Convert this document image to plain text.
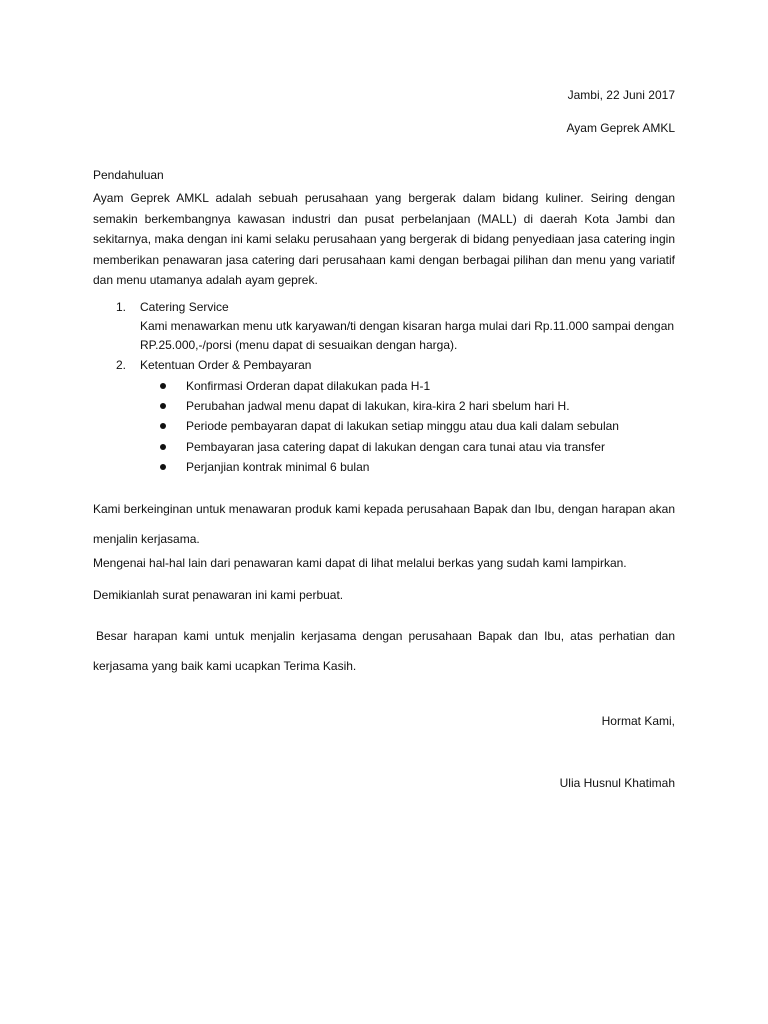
Jambi, 22 Juni 2017
Ayam Geprek AMKL
Pendahuluan
Ayam Geprek AMKL adalah sebuah perusahaan yang bergerak dalam bidang kuliner. Seiring dengan semakin berkembangnya kawasan industri dan pusat perbelanjaan (MALL) di daerah Kota Jambi dan sekitarnya, maka dengan ini kami selaku perusahaan yang bergerak di bidang penyediaan jasa catering ingin memberikan penawaran jasa catering dari perusahaan kami dengan berbagai pilihan dan menu yang variatif dan menu utamanya adalah ayam geprek.
1. Catering Service
Kami menawarkan menu utk karyawan/ti dengan kisaran harga mulai dari Rp.11.000 sampai dengan RP.25.000,-/porsi (menu dapat di sesuaikan dengan harga).
2. Ketentuan Order & Pembayaran
Konfirmasi Orderan dapat dilakukan pada H-1
Perubahan jadwal menu dapat di lakukan, kira-kira 2 hari sbelum hari H.
Periode pembayaran dapat di lakukan setiap minggu atau dua kali dalam sebulan
Pembayaran jasa catering dapat di lakukan dengan cara tunai atau via transfer
Perjanjian kontrak minimal 6 bulan
Kami berkeinginan untuk menawaran produk kami kepada perusahaan Bapak dan Ibu, dengan harapan akan menjalin kerjasama.
Mengenai hal-hal lain dari penawaran kami dapat di lihat melalui berkas yang sudah kami lampirkan.
Demikianlah surat penawaran ini kami perbuat.
Besar harapan kami untuk menjalin kerjasama dengan perusahaan Bapak dan Ibu, atas perhatian dan kerjasama yang baik kami ucapkan Terima Kasih.
Hormat Kami,
Ulia Husnul Khatimah
